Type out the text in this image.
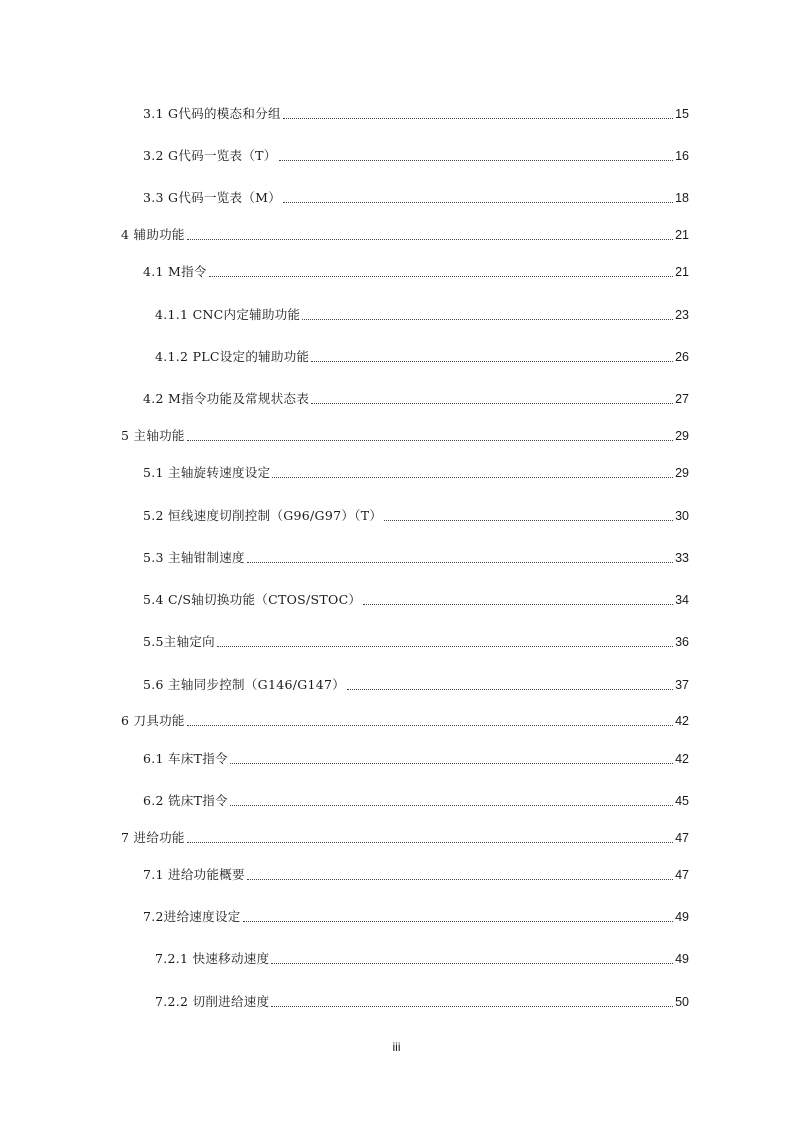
3.1 G代码的模态和分组	15
3.2 G代码一览表（T）	16
3.3 G代码一览表（M）	18
4 辅助功能	21
4.1 M指令	21
4.1.1 CNC内定辅助功能	23
4.1.2 PLC设定的辅助功能	26
4.2 M指令功能及常规状态表	27
5 主轴功能	29
5.1 主轴旋转速度设定	29
5.2 恒线速度切削控制（G96/G97）（T）	30
5.3 主轴钳制速度	33
5.4 C/S轴切换功能（CTOS/STOC）	34
5.5主轴定向	36
5.6 主轴同步控制（G146/G147）	37
6 刀具功能	42
6.1 车床T指令	42
6.2 铣床T指令	45
7 进给功能	47
7.1 进给功能概要	47
7.2进给速度设定	49
7.2.1 快速移动速度	49
7.2.2 切削进给速度	50
iii
